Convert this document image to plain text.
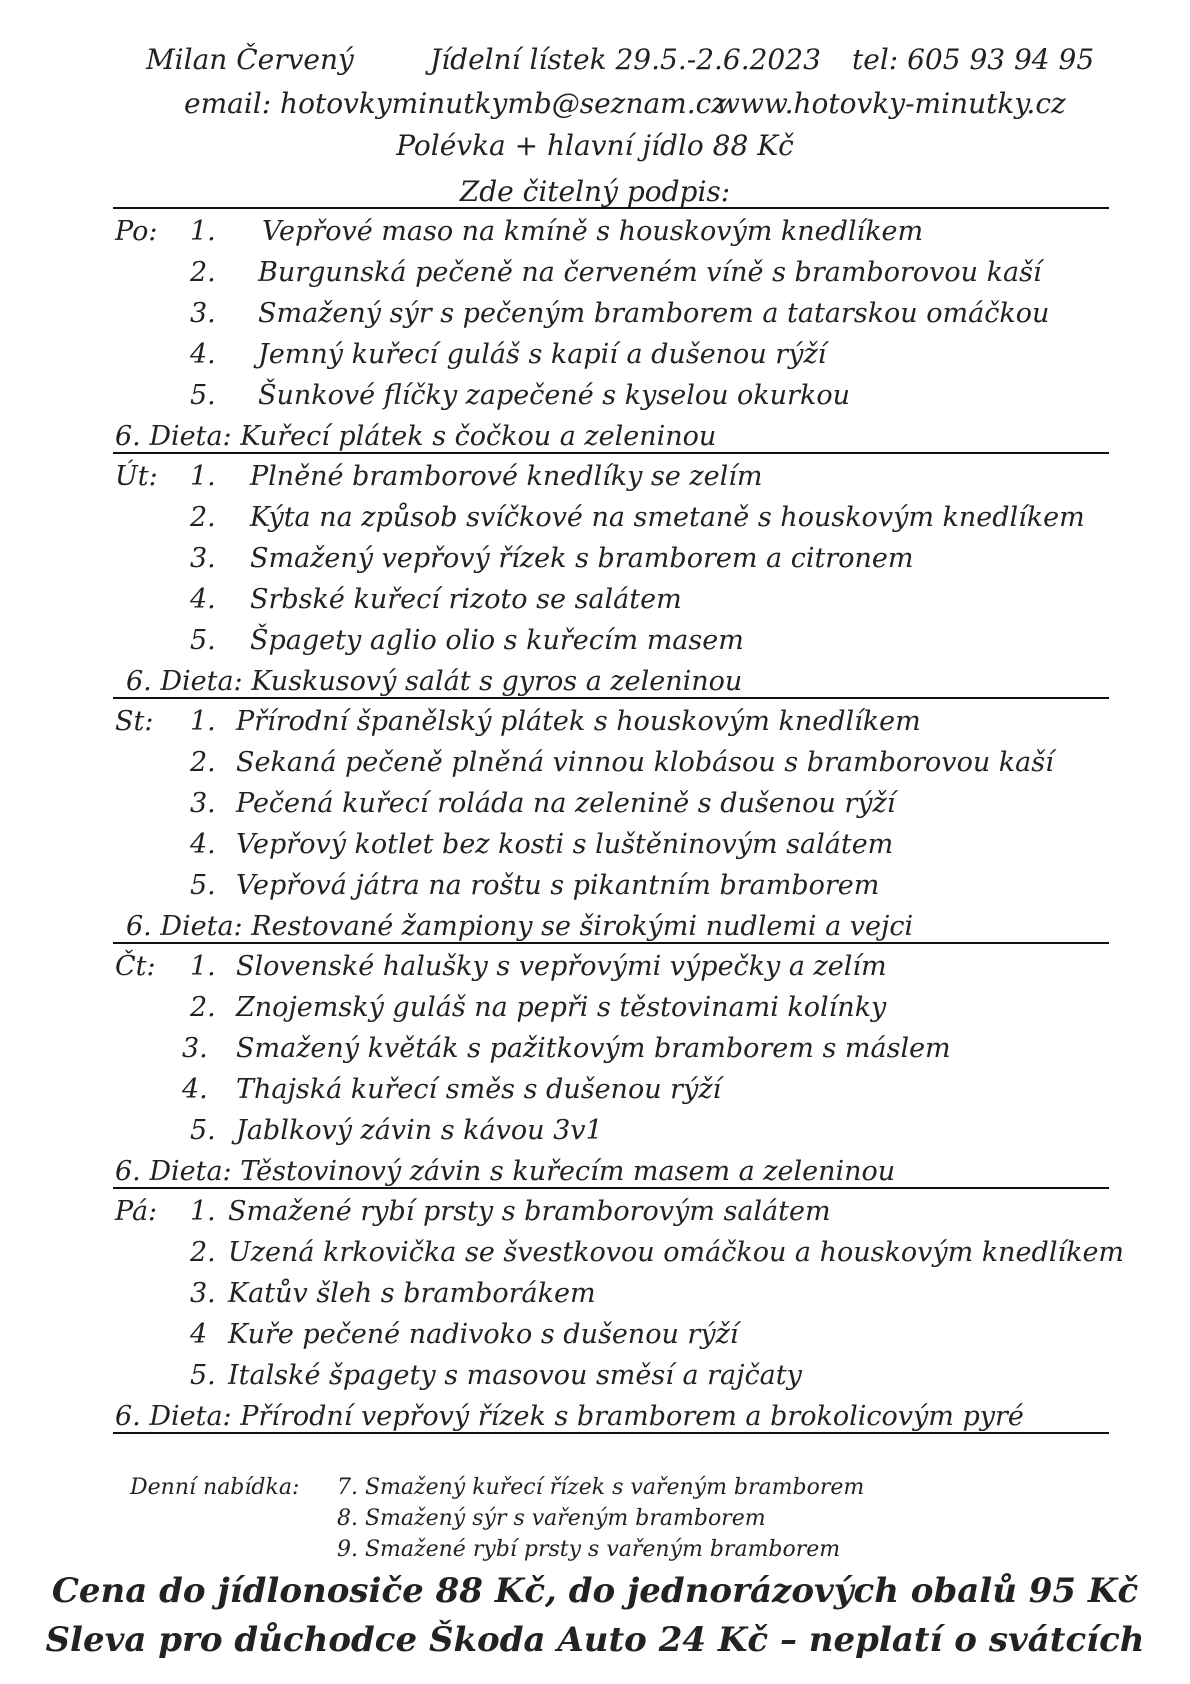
Milan Červený	Jídelní lístek 29.5.-2.6.2023 tel: 605 93 94 95
email: hotovkyminutkymb@seznam.cz
www.hotovky-minutky.cz
Polévka + hlavní jídlo 88 Kč
Zde čitelný podpis:
Po: 1. Vepřové maso na kmíně s houskovým knedlíkem
2. Burgunská pečeně na červeném víně s bramborovou kaší
3. Smažený sýr s pečeným bramborem a tatarskou omáčkou
4. Jemný kuřecí guláš s kapií a dušenou rýží
5. Šunkové flíčky zapečené s kyselou okurkou
6. Dieta: Kuřecí plátek s čočkou a zeleninou
Út: 1. Plněné bramborové knedlíky se zelím
2. Kýta na způsob svíčkové na smetaně s houskovým knedlíkem
3. Smažený vepřový řízek s bramborem a citronem
4. Srbské kuřecí rizoto se salátem
5. Špagety aglio olio s kuřecím masem
6. Dieta: Kuskusový salát s gyros a zeleninou
St: 1. Přírodní španělský plátek s houskovým knedlíkem
2. Sekaná pečeně plněná vinnou klobásou s bramborovou kaší
3. Pečená kuřecí roláda na zelenině s dušenou rýží
4. Vepřový kotlet bez kosti s luštěninovým salátem
5. Vepřová játra na roštu s pikantním bramborem
6. Dieta: Restované žampiony se širokými nudlemi a vejci
Čt: 1. Slovenské halušky s vepřovými výpečky a zelím
2. Znojemský guláš na pepři s těstovinami kolínky
3. Smažený květák s pažitkovým bramborem s máslem
4. Thajská kuřecí směs s dušenou rýží
5. Jablkový závin s kávou 3v1
6. Dieta: Těstovinový závin s kuřecím masem a zeleninou
Pá: 1. Smažené rybí prsty s bramborovým salátem
2. Uzená krkovička se švestkovou omáčkou a houskovým knedlíkem
3. Katův šleh s bramborákem
4 Kuře pečené nadivoko s dušenou rýží
5. Italské špagety s masovou směsí a rajčaty
6. Dieta: Přírodní vepřový řízek s bramborem a brokolicovým pyré
Denní nabídka: 7. Smažený kuřecí řízek s vařeným bramborem
8. Smažený sýr s vařeným bramborem
9. Smažené rybí prsty s vařeným bramborem
Cena do jídlonosiče 88 Kč, do jednorázových obalů 95 Kč
Sleva pro důchodce Škoda Auto 24 Kč – neplatí o svátcích
